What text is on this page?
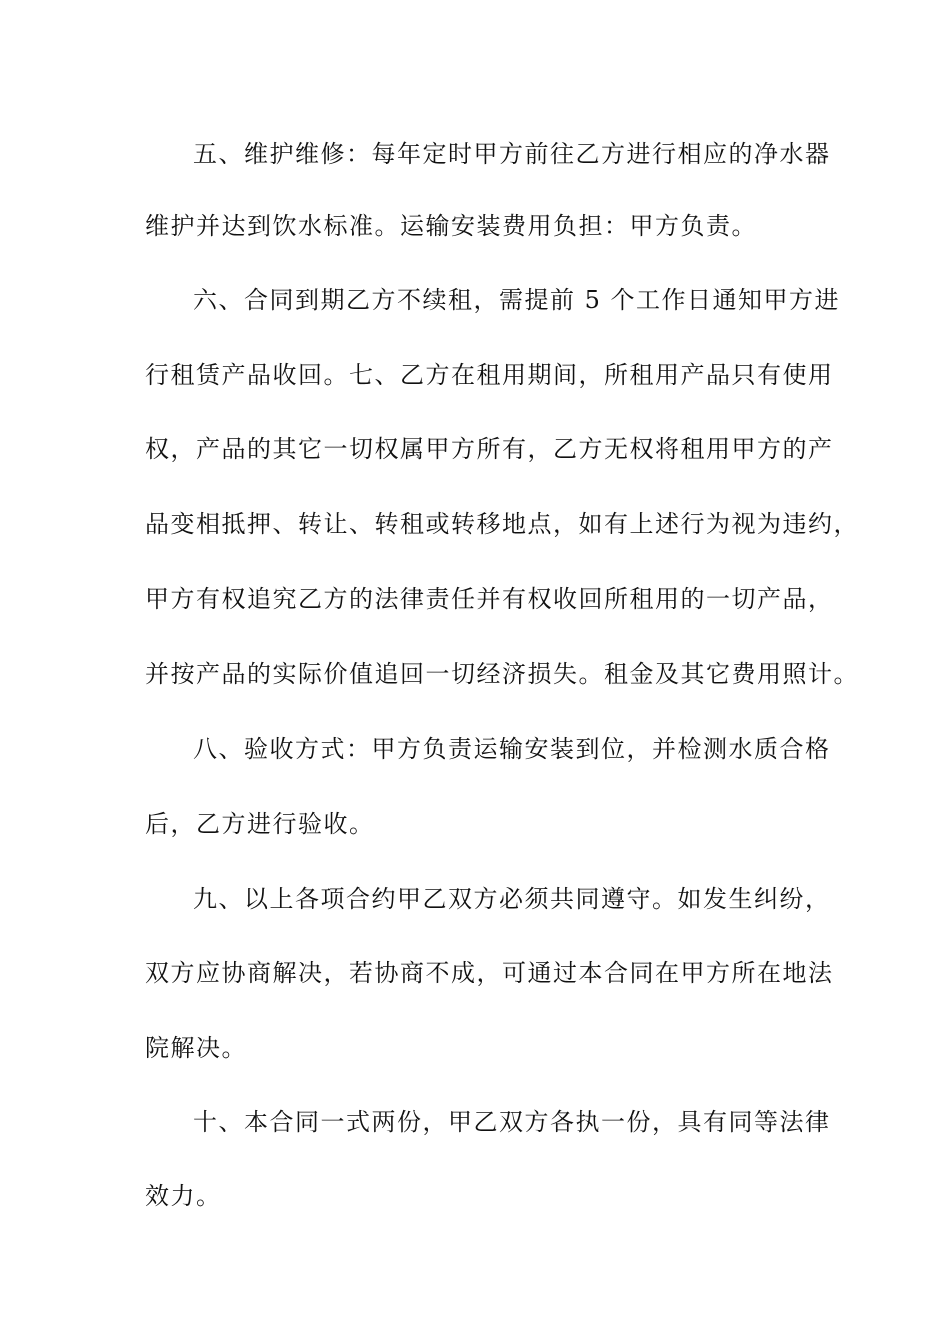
五、维护维修：每年定时甲方前往乙方进行相应的净水器
维护并达到饮水标准。运输安装费用负担：甲方负责。
六、合同到期乙方不续租，需提前 5 个工作日通知甲方进
行租赁产品收回。七、乙方在租用期间，所租用产品只有使用
权，产品的其它一切权属甲方所有，乙方无权将租用甲方的产
品变相抵押、转让、转租或转移地点，如有上述行为视为违约，
甲方有权追究乙方的法律责任并有权收回所租用的一切产品，
并按产品的实际价值追回一切经济损失。租金及其它费用照计。
八、验收方式：甲方负责运输安装到位，并检测水质合格
后，乙方进行验收。
九、以上各项合约甲乙双方必须共同遵守。如发生纠纷，
双方应协商解决，若协商不成，可通过本合同在甲方所在地法
院解决。
十、本合同一式两份，甲乙双方各执一份，具有同等法律
效力。
